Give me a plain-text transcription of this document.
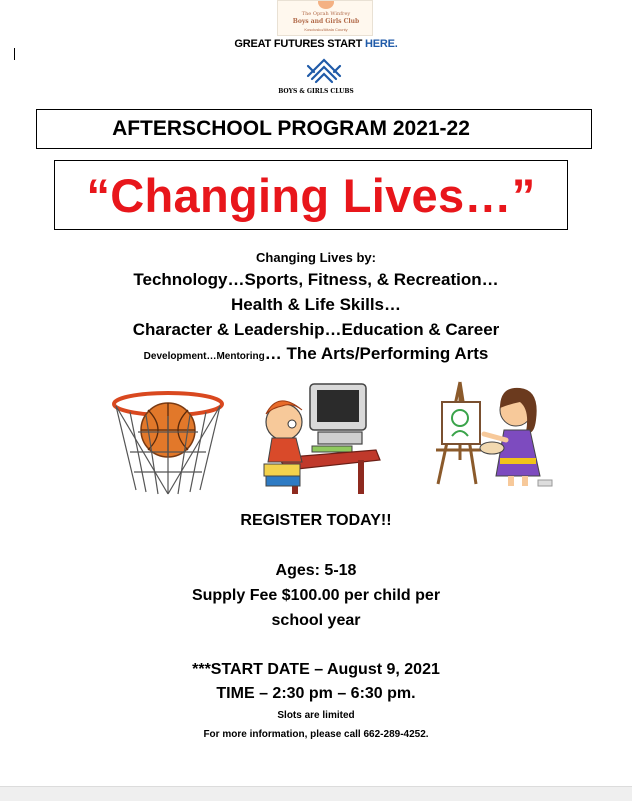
The Oprah Winfrey
Boys and Girls Club
Kosciusko/Attala County
GREAT FUTURES START HERE.
BOYS & GIRLS CLUBS
AFTERSCHOOL PROGRAM 2021-22
“Changing Lives…”
Changing Lives by:
Technology…Sports, Fitness, & Recreation…
Health & Life Skills…
Character & Leadership…Education & Career
Development…Mentoring… The Arts/Performing Arts
REGISTER TODAY!!
Ages: 5-18
Supply Fee $100.00 per child per
school year
***START DATE – August 9, 2021
TIME – 2:30 pm – 6:30 pm.
Slots are limited
For more information, please call 662-289-4252.
